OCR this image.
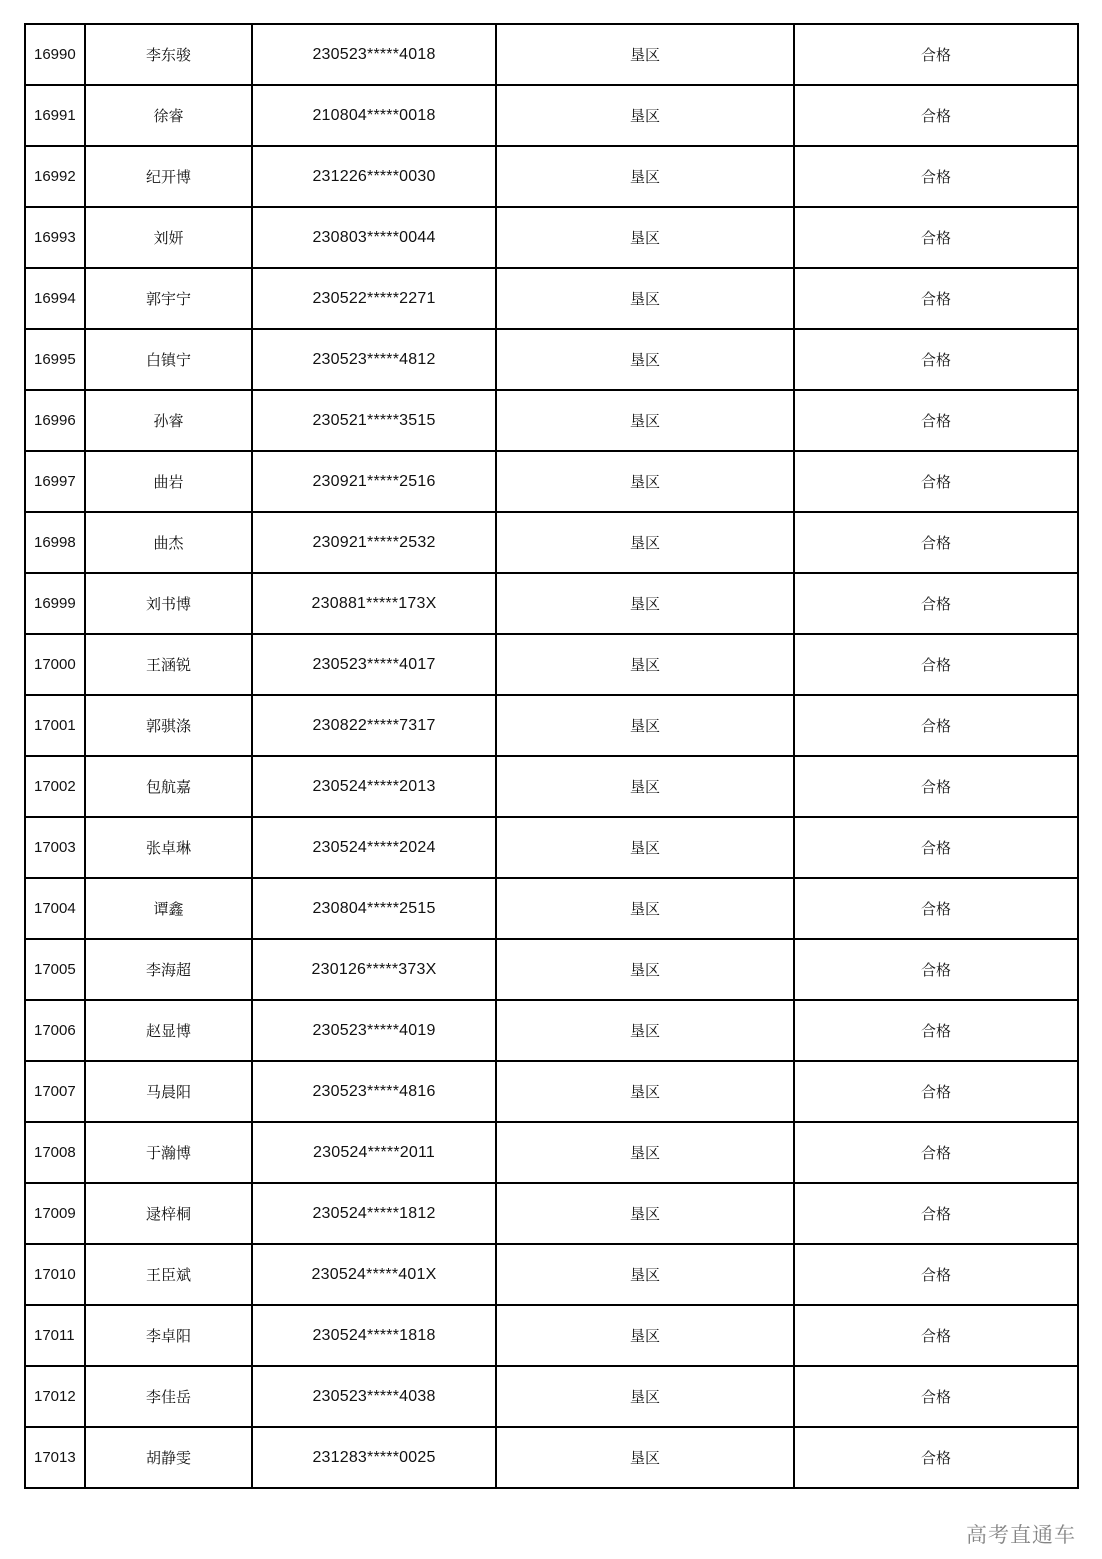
16990	李东骏	230523*****4018	垦区	合格
16991	徐睿	210804*****0018	垦区	合格
16992	纪开博	231226*****0030	垦区	合格
16993	刘妍	230803*****0044	垦区	合格
16994	郭宇宁	230522*****2271	垦区	合格
16995	白镇宁	230523*****4812	垦区	合格
16996	孙睿	230521*****3515	垦区	合格
16997	曲岩	230921*****2516	垦区	合格
16998	曲杰	230921*****2532	垦区	合格
16999	刘书博	230881*****173X	垦区	合格
17000	王涵锐	230523*****4017	垦区	合格
17001	郭骐涤	230822*****7317	垦区	合格
17002	包航嘉	230524*****2013	垦区	合格
17003	张卓琳	230524*****2024	垦区	合格
17004	谭鑫	230804*****2515	垦区	合格
17005	李海超	230126*****373X	垦区	合格
17006	赵显博	230523*****4019	垦区	合格
17007	马晨阳	230523*****4816	垦区	合格
17008	于瀚博	230524*****2011	垦区	合格
17009	逯梓桐	230524*****1812	垦区	合格
17010	王臣斌	230524*****401X	垦区	合格
17011	李卓阳	230524*****1818	垦区	合格
17012	李佳岳	230523*****4038	垦区	合格
17013	胡静雯	231283*****0025	垦区	合格
高考直通车
